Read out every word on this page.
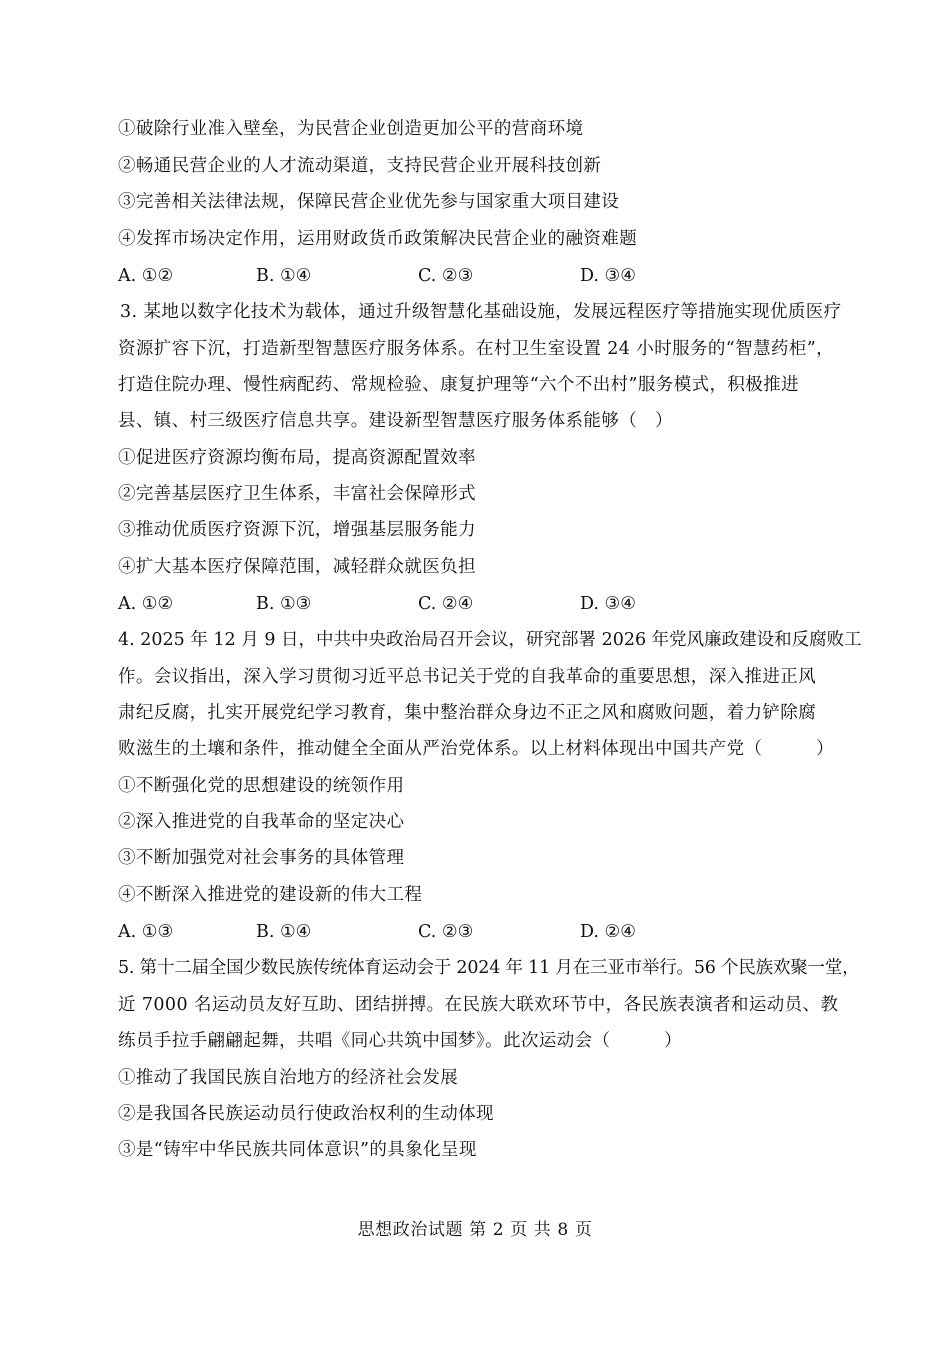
①破除行业准入壁垒，为民营企业创造更加公平的营商环境
②畅通民营企业的人才流动渠道，支持民营企业开展科技创新
③完善相关法律法规，保障民营企业优先参与国家重大项目建设
④发挥市场决定作用，运用财政货币政策解决民营企业的融资难题
A. ①②	B. ①④	C. ②③	D. ③④
3. 某地以数字化技术为载体，通过升级智慧化基础设施，发展远程医疗等措施实现优质医疗
资源扩容下沉，打造新型智慧医疗服务体系。在村卫生室设置 24 小时服务的“智慧药柜”，
打造住院办理、慢性病配药、常规检验、康复护理等“六个不出村”服务模式，积极推进
县、镇、村三级医疗信息共享。建设新型智慧医疗服务体系能够（　）
①促进医疗资源均衡布局，提高资源配置效率
②完善基层医疗卫生体系，丰富社会保障形式
③推动优质医疗资源下沉，增强基层服务能力
④扩大基本医疗保障范围，减轻群众就医负担
A. ①②	B. ①③	C. ②④	D. ③④
4. 2025 年 12 月 9 日，中共中央政治局召开会议，研究部署 2026 年党风廉政建设和反腐败工
作。会议指出，深入学习贯彻习近平总书记关于党的自我革命的重要思想，深入推进正风
肃纪反腐，扎实开展党纪学习教育，集中整治群众身边不正之风和腐败问题，着力铲除腐
败滋生的土壤和条件，推动健全全面从严治党体系。以上材料体现出中国共产党（　　　）
①不断强化党的思想建设的统领作用
②深入推进党的自我革命的坚定决心
③不断加强党对社会事务的具体管理
④不断深入推进党的建设新的伟大工程
A. ①③	B. ①④	C. ②③	D. ②④
5. 第十二届全国少数民族传统体育运动会于 2024 年 11 月在三亚市举行。56 个民族欢聚一堂，
近 7000 名运动员友好互助、团结拼搏。在民族大联欢环节中，各民族表演者和运动员、教
练员手拉手翩翩起舞，共唱《同心共筑中国梦》。此次运动会（　　　）
①推动了我国民族自治地方的经济社会发展
②是我国各民族运动员行使政治权利的生动体现
③是“铸牢中华民族共同体意识”的具象化呈现
思想政治试题 第 2 页 共 8 页
